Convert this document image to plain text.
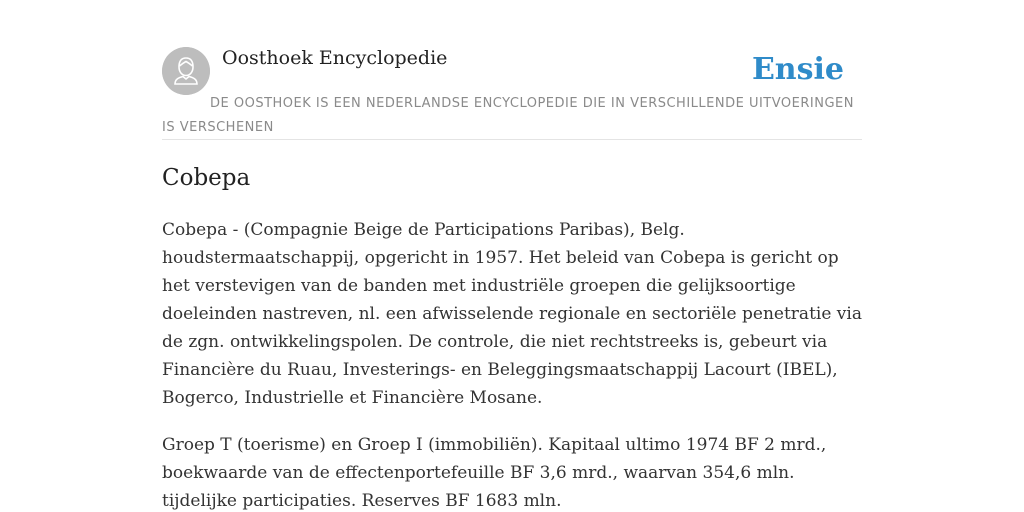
Oosthoek Encyclopedie	Ensie
DE OOSTHOEK IS EEN NEDERLANDSE ENCYCLOPEDIE DIE IN VERSCHILLENDE UITVOERINGEN IS VERSCHENEN
Cobepa

Cobepa - (Compagnie Beige de Participations Paribas), Belg. houdstermaatschappij, opgericht in 1957. Het beleid van Cobepa is gericht op het verstevigen van de banden met industriële groepen die gelijksoortige doeleinden nastreven, nl. een afwisselende regionale en sectoriële penetratie via de zgn. ontwikkelingspolen. De controle, die niet rechtstreeks is, gebeurt via Financière du Ruau, Investerings- en Beleggingsmaatschappij Lacourt (IBEL), Bogerco, Industrielle et Financière Mosane.

Groep T (toerisme) en Groep I (immobiliën). Kapitaal ultimo 1974 BF 2 mrd., boekwaarde van de effectenportefeuille BF 3,6 mrd., waarvan 354,6 mln. tijdelijke participaties. Reserves BF 1683 mln.
